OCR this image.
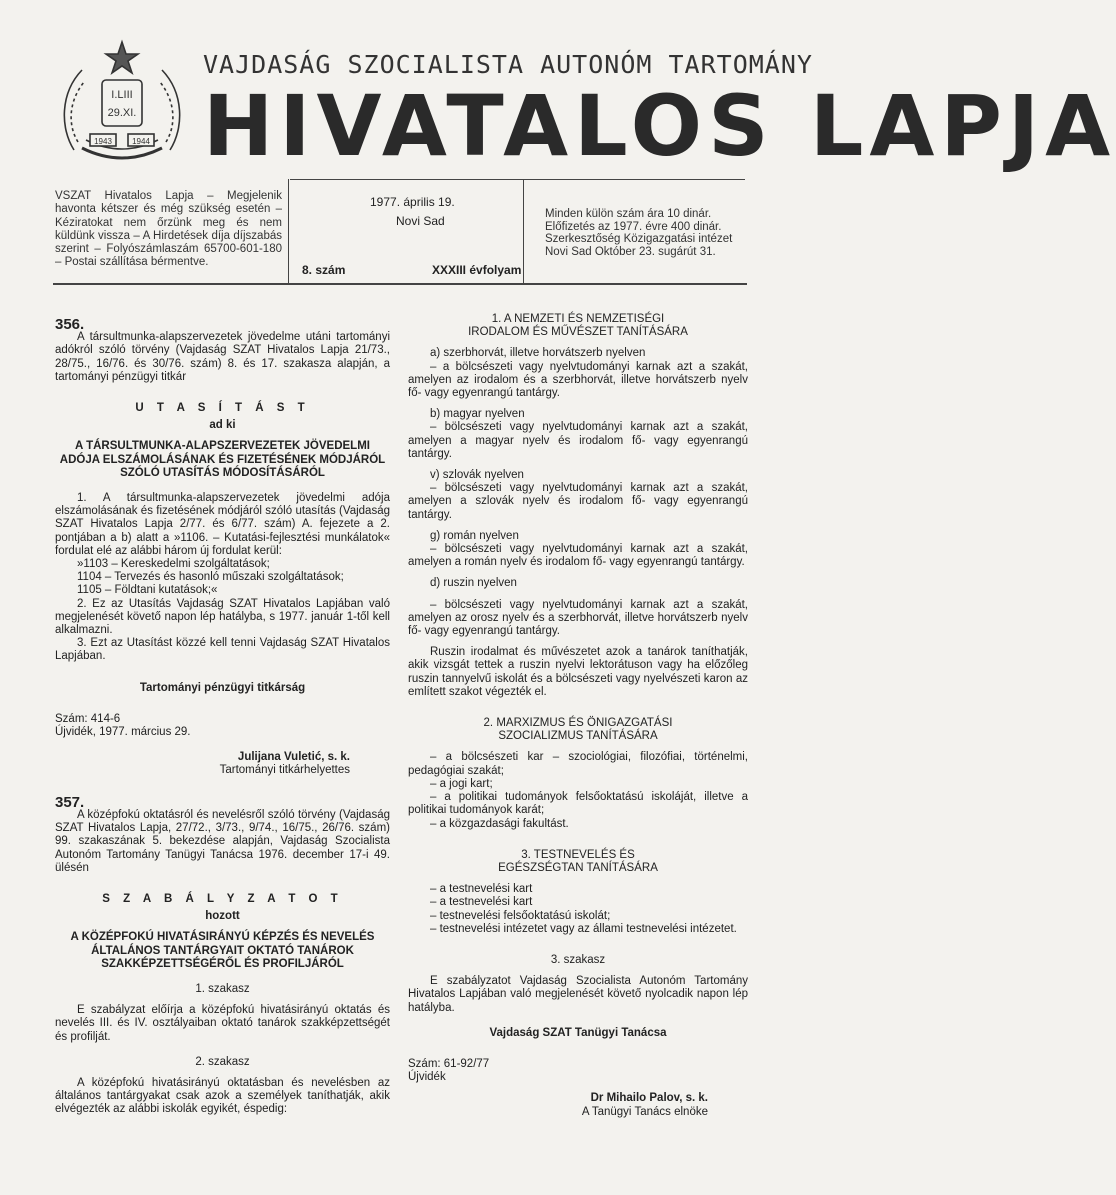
I.LIII
29.XI.
1943	1944
VAJDASÁG SZOCIALISTA AUTONÓM TARTOMÁNY
HIVATALOS LAPJA
VSZAT Hivatalos Lapja – Megjelenik havonta kétszer és még szükség esetén – Kéziratokat nem őrzünk meg és nem küldünk vissza – A Hirdetések díja díjszabás szerint – Folyószámlaszám 65700-601-180 – Postai szállítása bérmentve.
1977. április 19.
Novi Sad
8. szám	XXXIII évfolyam
Minden külön szám ára 10 dinár.
Előfizetés az 1977. évre 400 dinár.
Szerkesztőség Közigazgatási intézet
Novi Sad Október 23. sugárút 31.

356.

A társultmunka-alapszervezetek jövedelme utáni tartományi adókról szóló törvény (Vajdaság SZAT Hivatalos Lapja 21/73., 28/75., 16/76. és 30/76. szám) 8. és 17. szakasza alapján, a tartományi pénzügyi titkár

U T A S Í T Á S T

ad ki

A TÁRSULTMUNKA-ALAPSZERVEZETEK JÖVEDELMI ADÓJA ELSZÁMOLÁSÁNAK ÉS FIZETÉSÉNEK MÓDJÁRÓL SZÓLÓ UTASÍTÁS MÓDOSÍTÁSÁRÓL

1. A társultmunka-alapszervezetek jövedelmi adója elszámolásának és fizetésének módjáról szóló utasítás (Vajdaság SZAT Hivatalos Lapja 2/77. és 6/77. szám) A. fejezete a 2. pontjában a b) alatt a »1106. – Kutatási-fejlesztési munkálatok« fordulat elé az alábbi három új fordulat kerül:

»1103 – Kereskedelmi szolgáltatások;

1104 – Tervezés és hasonló műszaki szolgáltatások;

1105 – Földtani kutatások;«

2. Ez az Utasítás Vajdaság SZAT Hivatalos Lapjában való megjelenését követő napon lép hatályba, s 1977. január 1-től kell alkalmazni.

3. Ezt az Utasítást közzé kell tenni Vajdaság SZAT Hivatalos Lapjában.

Tartományi pénzügyi titkárság

Szám: 414-6

Újvidék, 1977. március 29.

Julijana Vuletić, s. k.

Tartományi titkárhelyettes

357.

A középfokú oktatásról és nevelésről szóló törvény (Vajdaság SZAT Hivatalos Lapja, 27/72., 3/73., 9/74., 16/75., 26/76. szám) 99. szakaszának 5. bekezdése alapján, Vajdaság Szocialista Autonóm Tartomány Tanügyi Tanácsa 1976. december 17-i 49. ülésén

S Z A B Á L Y Z A T O T

hozott

A KÖZÉPFOKÚ HIVATÁSIRÁNYÚ KÉPZÉS ÉS NEVELÉS ÁLTALÁNOS TANTÁRGYAIT OKTATÓ TANÁROK SZAKKÉPZETTSÉGÉRŐL ÉS PROFILJÁRÓL

1. szakasz

E szabályzat előírja a középfokú hivatásirányú oktatás és nevelés III. és IV. osztályaiban oktató tanárok szakképzettségét és profilját.

2. szakasz

A középfokú hivatásirányú oktatásban és nevelésben az általános tantárgyakat csak azok a személyek taníthatják, akik elvégezték az alábbi iskolák egyikét, éspedig:

1. A NEMZETI ÉS NEMZETISÉGI IRODALOM ÉS MŰVÉSZET TANÍTÁSÁRA

a) szerbhorvát, illetve horvátszerb nyelven

– a bölcsészeti vagy nyelvtudományi karnak azt a szakát, amelyen az irodalom és a szerbhorvát, illetve horvátszerb nyelv fő- vagy egyenrangú tantárgy.

b) magyar nyelven

– bölcsészeti vagy nyelvtudományi karnak azt a szakát, amelyen a magyar nyelv és irodalom fő- vagy egyenrangú tantárgy.

v) szlovák nyelven

– bölcsészeti vagy nyelvtudományi karnak azt a szakát, amelyen a szlovák nyelv és irodalom fő- vagy egyenrangú tantárgy.

g) román nyelven

– bölcsészeti vagy nyelvtudományi karnak azt a szakát, amelyen a román nyelv és irodalom fő- vagy egyenrangú tantárgy.

d) ruszin nyelven

– bölcsészeti vagy nyelvtudományi karnak azt a szakát, amelyen az orosz nyelv és a szerbhorvát, illetve horvátszerb nyelv fő- vagy egyenrangú tantárgy.

Ruszin irodalmat és művészetet azok a tanárok taníthatják, akik vizsgát tettek a ruszin nyelvi lektorátuson vagy ha előzőleg ruszin tannyelvű iskolát és a bölcsészeti vagy nyelvészeti karon az említett szakot végezték el.

2. MARXIZMUS ÉS ÖNIGAZGATÁSI SZOCIALIZMUS TANÍTÁSÁRA

– a bölcsészeti kar – szociológiai, filozófiai, történelmi, pedagógiai szakát;

– a jogi kart;

– a politikai tudományok felsőoktatású iskoláját, illetve a politikai tudományok karát;

– a közgazdasági fakultást.

3. TESTNEVELÉS ÉS EGÉSZSÉGTAN TANÍTÁSÁRA

– a testnevelési kart

– a testnevelési kart

– testnevelési felsőoktatású iskolát;

– testnevelési intézetet vagy az állami testnevelési intézetet.

3. szakasz

E szabályzatot Vajdaság Szocialista Autonóm Tartomány Hivatalos Lapjában való megjelenését követő nyolcadik napon lép hatályba.

Vajdaság SZAT Tanügyi Tanácsa

Szám: 61-92/77

Újvidék

Dr Mihailo Palov, s. k.

A Tanügyi Tanács elnöke
